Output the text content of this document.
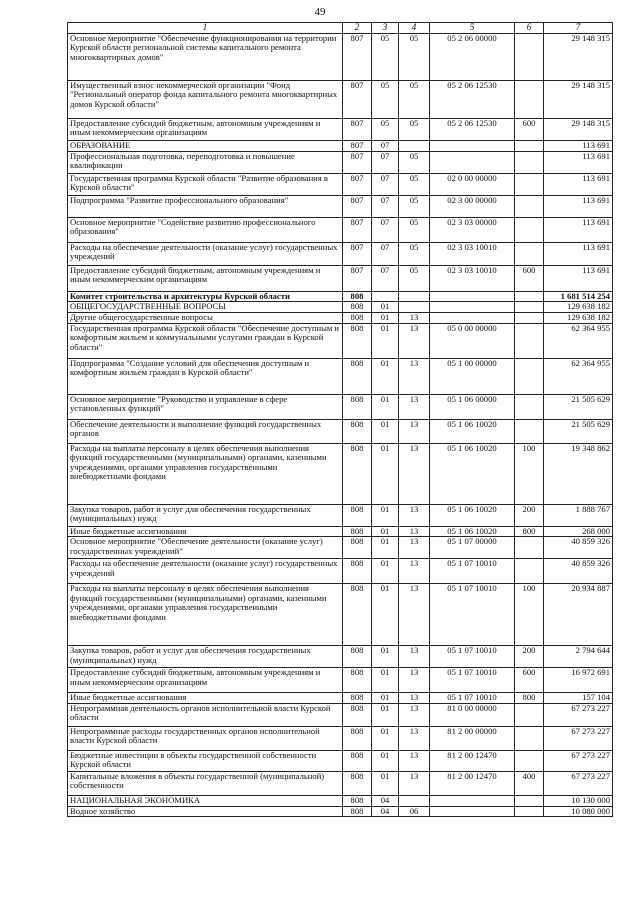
49
1	2	3	4	5	6	7
Основное мероприятие "Обеспечение функционирования на территории Курской области региональной системы капитального ремонта многоквартирных домов"	807	05	05	05 2 06 00000		29 148 315
Имущественный взнос некоммерческой организации "Фонд "Региональный оператор фонда капитального ремонта многоквартирных домов Курской области"	807	05	05	05 2 06 12530		29 148 315
Предоставление субсидий бюджетным, автономным учреждениям и иным некоммерческим организациям	807	05	05	05 2 06 12530	600	29 148 315
ОБРАЗОВАНИЕ	807	07				113 691
Профессиональная подготовка, переподготовка и повышение квалификации	807	07	05			113 691
Государственная программа Курской области "Развитие образования в Курской области"	807	07	05	02 0 00 00000		113 691
Подпрограмма "Развитие профессионального образования"	807	07	05	02 3 00 00000		113 691
Основное мероприятие "Содействие развитию профессионального образования"	807	07	05	02 3 03 00000		113 691
Расходы на обеспечение деятельности (оказание услуг) государственных учреждений	807	07	05	02 3 03 10010		113 691
Предоставление субсидий бюджетным, автономным учреждениям и иным некоммерческим организациям	807	07	05	02 3 03 10010	600	113 691
Комитет строительства и архитектуры Курской области	808					1 681 514 254
ОБЩЕГОСУДАРСТВЕННЫЕ ВОПРОСЫ	808	01				129 638 182
Другие общегосударственные вопросы	808	01	13			129 638 182
Государственная программа Курской области "Обеспечение доступным и комфортным жильем и коммунальными услугами граждан в Курской области"	808	01	13	05 0 00 00000		62 364 955
Подпрограмма "Создание условий для обеспечения доступным и комфортным жильем граждан в Курской области"	808	01	13	05 1 00 00000		62 364 955
Основное мероприятие "Руководство и управление в сфере установленных функций"	808	01	13	05 1 06 00000		21 505 629
Обеспечение деятельности и выполнение функций государственных органов	808	01	13	05 1 06 10020		21 505 629
Расходы на выплаты персоналу в целях обеспечения выполнения функций государственными (муниципальными) органами, казенными учреждениями, органами управления государственными внебюджетными фондами	808	01	13	05 1 06 10020	100	19 348 862
Закупка товаров, работ и услуг для обеспечения государственных (муниципальных) нужд	808	01	13	05 1 06 10020	200	1 888 767
Иные бюджетные ассигнования	808	01	13	05 1 06 10020	800	268 000
Основное мероприятие "Обеспечение деятельности (оказание услуг) государственных учреждений"	808	01	13	05 1 07 00000		40 859 326
Расходы на обеспечение деятельности (оказание услуг) государственных учреждений	808	01	13	05 1 07 10010		40 859 326
Расходы на выплаты персоналу в целях обеспечения выполнения функций государственными (муниципальными) органами, казенными учреждениями, органами управления государственными внебюджетными фондами	808	01	13	05 1 07 10010	100	20 934 887
Закупка товаров, работ и услуг для обеспечения государственных (муниципальных) нужд	808	01	13	05 1 07 10010	200	2 794 644
Предоставление субсидий бюджетным, автономным учреждениям и иным некоммерческим организациям	808	01	13	05 1 07 10010	600	16 972 691
Иные бюджетные ассигнования	808	01	13	05 1 07 10010	800	157 104
Непрограммная деятельность органов исполнительной власти Курской области	808	01	13	81 0 00 00000		67 273 227
Непрограммные расходы государственных органов исполнительной власти Курской области	808	01	13	81 2 00 00000		67 273 227
Бюджетные инвестиции в объекты государственной собственности Курской области	808	01	13	81 2 00 12470		67 273 227
Капитальные вложения в объекты государственной (муниципальной) собственности	808	01	13	81 2 00 12470	400	67 273 227
НАЦИОНАЛЬНАЯ ЭКОНОМИКА	808	04				10 130 000
Водное хозяйство	808	04	06			10 080 000
